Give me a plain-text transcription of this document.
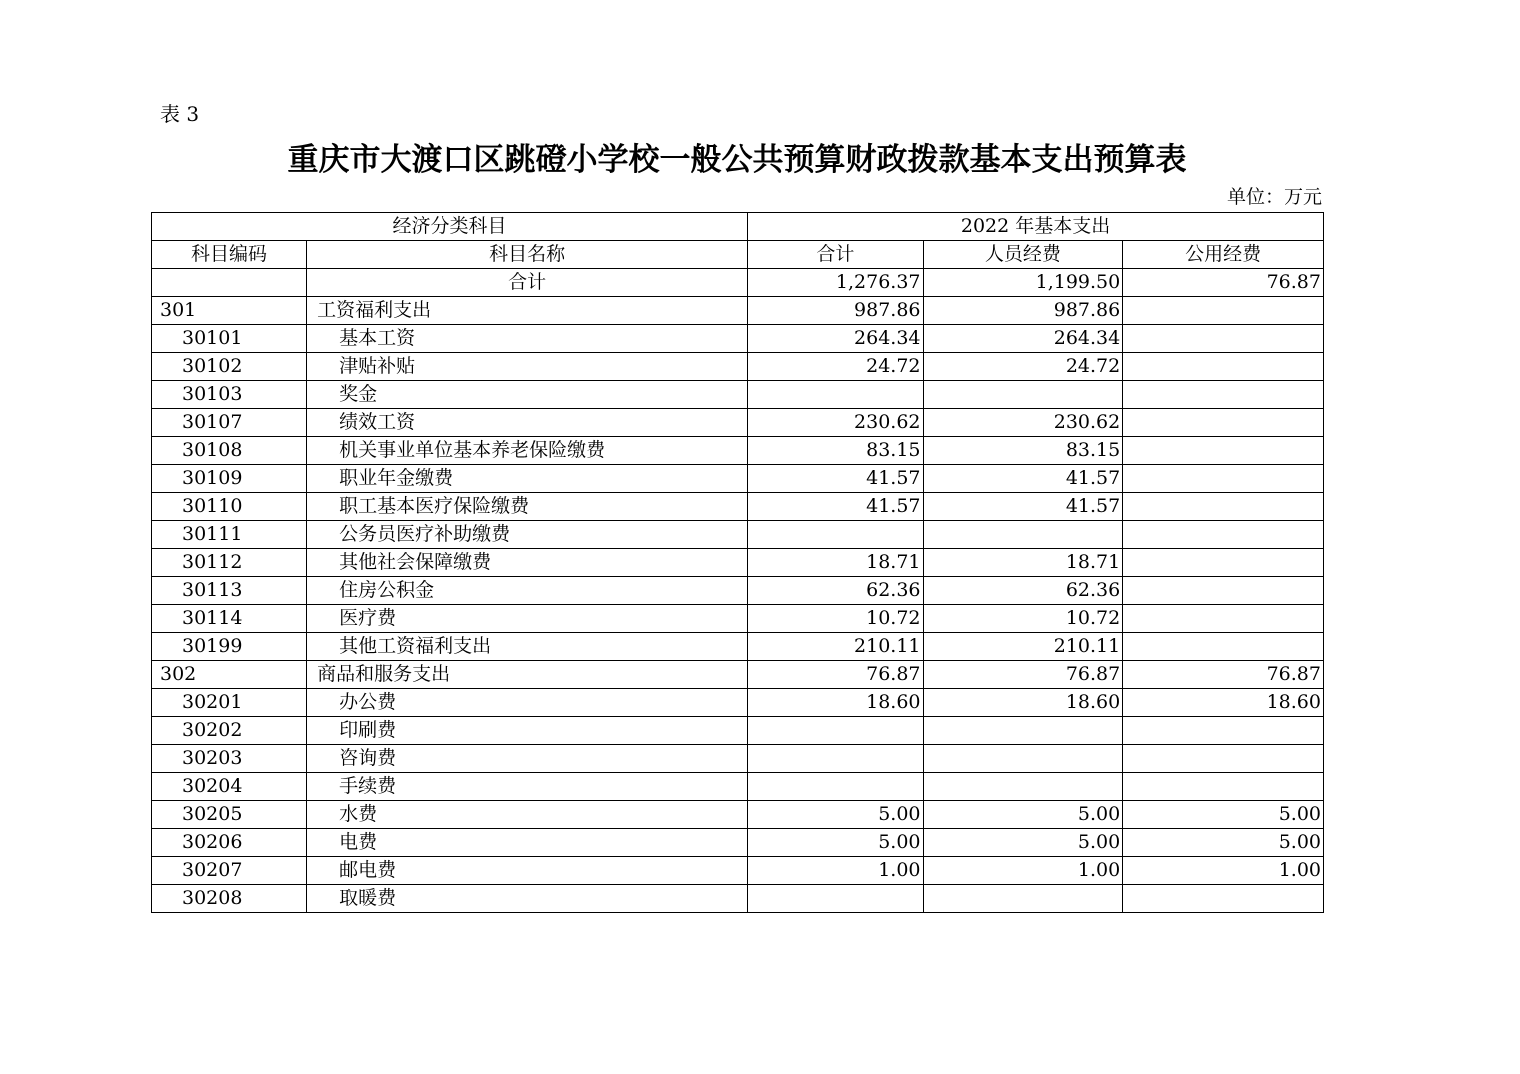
表 3
重庆市大渡口区跳磴小学校一般公共预算财政拨款基本支出预算表
单位：万元
经济分类科目		2022 年基本支出		
科目编码	科目名称	合计	人员经费	公用经费
	合计	1,276.37	1,199.50	76.87
301	工资福利支出	987.86	987.86	
30101	基本工资	264.34	264.34	
30102	津贴补贴	24.72	24.72	
30103	奖金			
30107	绩效工资	230.62	230.62	
30108	机关事业单位基本养老保险缴费	83.15	83.15	
30109	职业年金缴费	41.57	41.57	
30110	职工基本医疗保险缴费	41.57	41.57	
30111	公务员医疗补助缴费			
30112	其他社会保障缴费	18.71	18.71	
30113	住房公积金	62.36	62.36	
30114	医疗费	10.72	10.72	
30199	其他工资福利支出	210.11	210.11	
302	商品和服务支出	76.87	76.87	76.87
30201	办公费	18.60	18.60	18.60
30202	印刷费			
30203	咨询费			
30204	手续费			
30205	水费	5.00	5.00	5.00
30206	电费	5.00	5.00	5.00
30207	邮电费	1.00	1.00	1.00
30208	取暖费			
